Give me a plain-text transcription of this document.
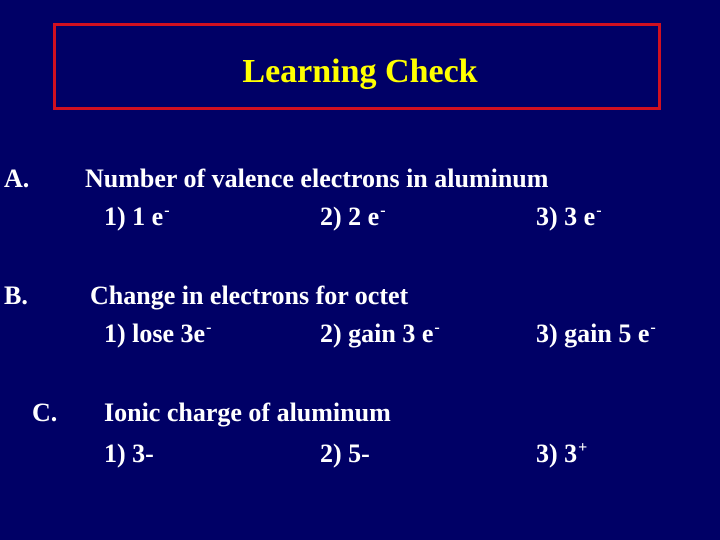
Learning Check
A. Number of valence electrons in aluminum
1) 1 e-	2) 2 e-	3) 3 e-
B. Change in electrons for octet
1) lose 3e-	2) gain 3 e-	3) gain 5 e-
C. Ionic charge of aluminum
1) 3-	2) 5-	3) 3+
